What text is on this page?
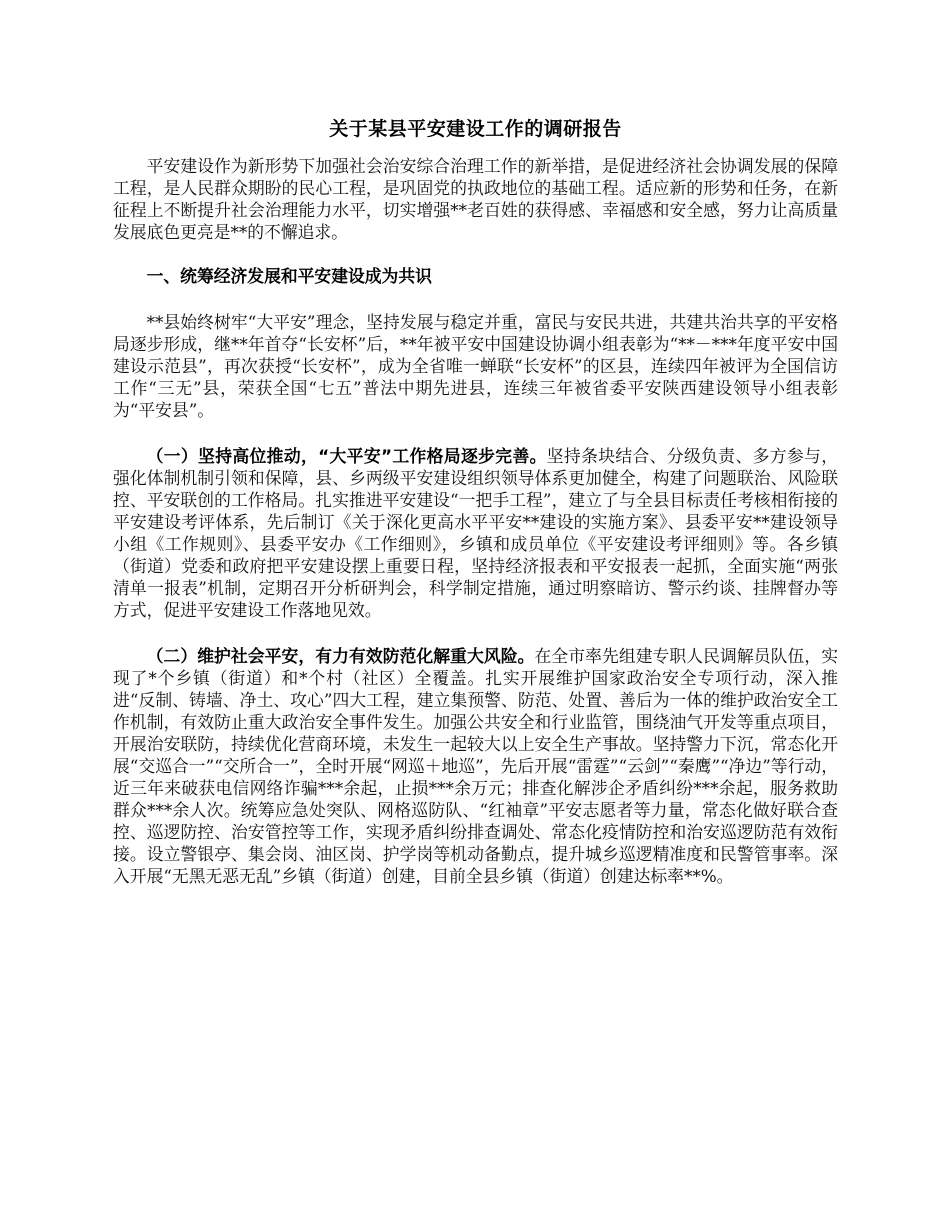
关于某县平安建设工作的调研报告

平安建设作为新形势下加强社会治安综合治理工作的新举措，是促进经济社会协调发展的保障工程，是人民群众期盼的民心工程，是巩固党的执政地位的基础工程。适应新的形势和任务，在新征程上不断提升社会治理能力水平，切实增强**老百姓的获得感、幸福感和安全感，努力让高质量发展底色更亮是**的不懈追求。

一、统筹经济发展和平安建设成为共识

**县始终树牢“大平安”理念，坚持发展与稳定并重，富民与安民共进，共建共治共享的平安格局逐步形成，继**年首夺“长安杯”后，**年被平安中国建设协调小组表彰为“**－***年度平安中国建设示范县”，再次获授“长安杯”，成为全省唯一蝉联“长安杯”的区县，连续四年被评为全国信访工作“三无”县，荣获全国“七五”普法中期先进县，连续三年被省委平安陕西建设领导小组表彰为“平安县”。

（一）坚持高位推动，“大平安”工作格局逐步完善。坚持条块结合、分级负责、多方参与，强化体制机制引领和保障，县、乡两级平安建设组织领导体系更加健全，构建了问题联治、风险联控、平安联创的工作格局。扎实推进平安建设“一把手工程”，建立了与全县目标责任考核相衔接的平安建设考评体系，先后制订《关于深化更高水平平安**建设的实施方案》、县委平安**建设领导小组《工作规则》、县委平安办《工作细则》，乡镇和成员单位《平安建设考评细则》等。各乡镇（街道）党委和政府把平安建设摆上重要日程，坚持经济报表和平安报表一起抓，全面实施“两张清单一报表”机制，定期召开分析研判会，科学制定措施，通过明察暗访、警示约谈、挂牌督办等方式，促进平安建设工作落地见效。

（二）维护社会平安，有力有效防范化解重大风险。在全市率先组建专职人民调解员队伍，实现了*个乡镇（街道）和*个村（社区）全覆盖。扎实开展维护国家政治安全专项行动，深入推进“反制、铸墙、净土、攻心”四大工程，建立集预警、防范、处置、善后为一体的维护政治安全工作机制，有效防止重大政治安全事件发生。加强公共安全和行业监管，围绕油气开发等重点项目，开展治安联防，持续优化营商环境，未发生一起较大以上安全生产事故。坚持警力下沉，常态化开展“交巡合一”“交所合一”，全时开展“网巡＋地巡”，先后开展“雷霆”“云剑”“秦鹰”“净边”等行动，近三年来破获电信网络诈骗***余起，止损***余万元；排查化解涉企矛盾纠纷***余起，服务救助群众***余人次。统筹应急处突队、网格巡防队、“红袖章”平安志愿者等力量，常态化做好联合查控、巡逻防控、治安管控等工作，实现矛盾纠纷排查调处、常态化疫情防控和治安巡逻防范有效衔接。设立警银亭、集会岗、油区岗、护学岗等机动备勤点，提升城乡巡逻精准度和民警管事率。深入开展“无黑无恶无乱”乡镇（街道）创建，目前全县乡镇（街道）创建达标率**%。
